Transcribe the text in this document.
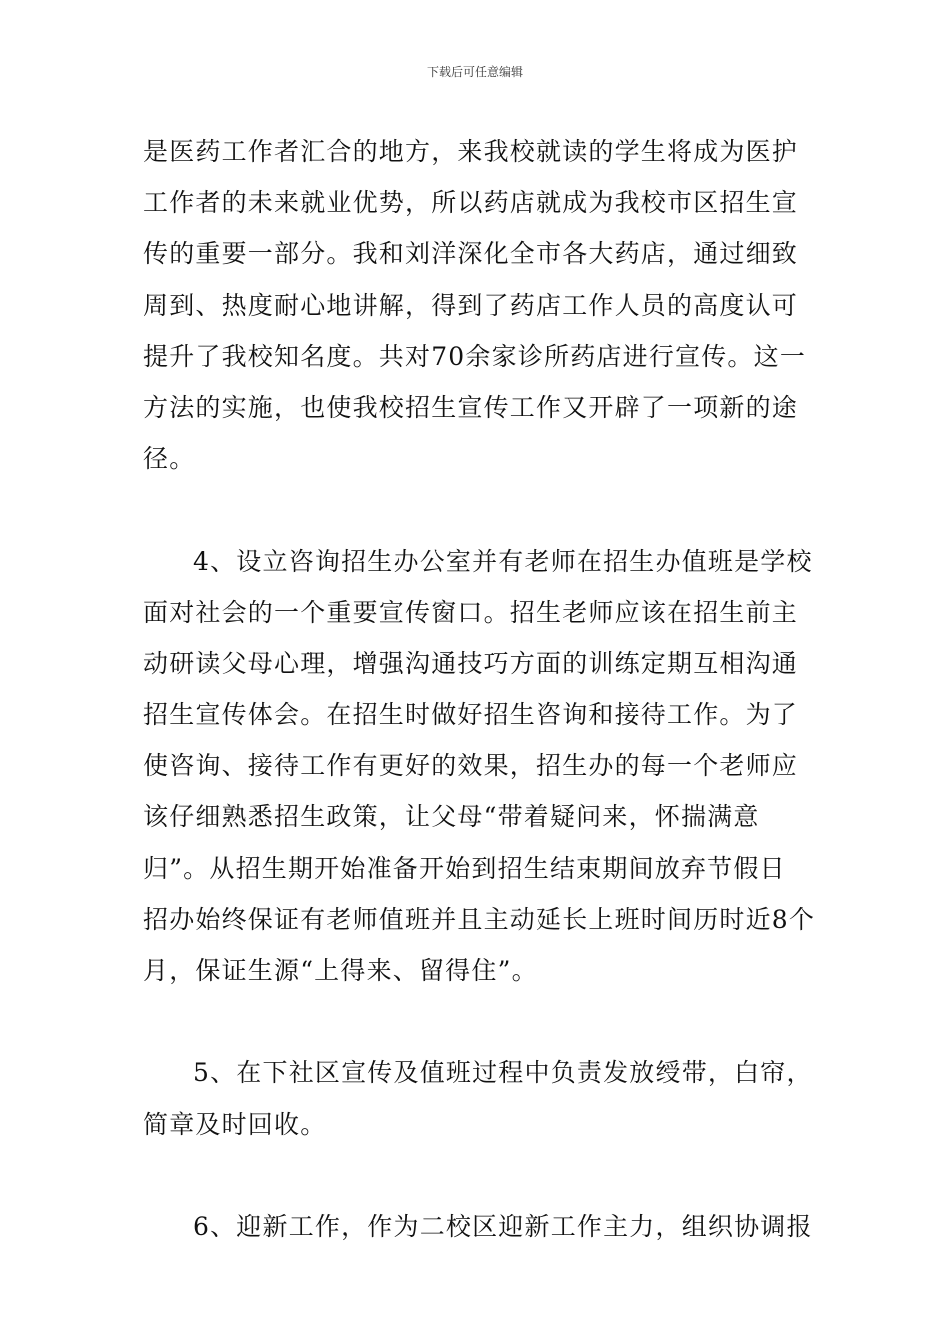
下载后可任意编辑
是医药工作者汇合的地方，来我校就读的学生将成为医护
工作者的未来就业优势，所以药店就成为我校市区招生宣
传的重要一部分。我和刘洋深化全市各大药店，通过细致
周到、热度耐心地讲解，得到了药店工作人员的高度认可
提升了我校知名度。共对70余家诊所药店进行宣传。这一
方法的实施，也使我校招生宣传工作又开辟了一项新的途
径。
4、设立咨询招生办公室并有老师在招生办值班是学校
面对社会的一个重要宣传窗口。招生老师应该在招生前主
动研读父母心理，增强沟通技巧方面的训练定期互相沟通
招生宣传体会。在招生时做好招生咨询和接待工作。为了
使咨询、接待工作有更好的效果，招生办的每一个老师应
该仔细熟悉招生政策，让父母“带着疑问来，怀揣满意
归”。从招生期开始准备开始到招生结束期间放弃节假日
招办始终保证有老师值班并且主动延长上班时间历时近8个
月，保证生源“上得来、留得住”。
5、在下社区宣传及值班过程中负责发放绶带，白帘，
简章及时回收。
6、迎新工作，作为二校区迎新工作主力，组织协调报
